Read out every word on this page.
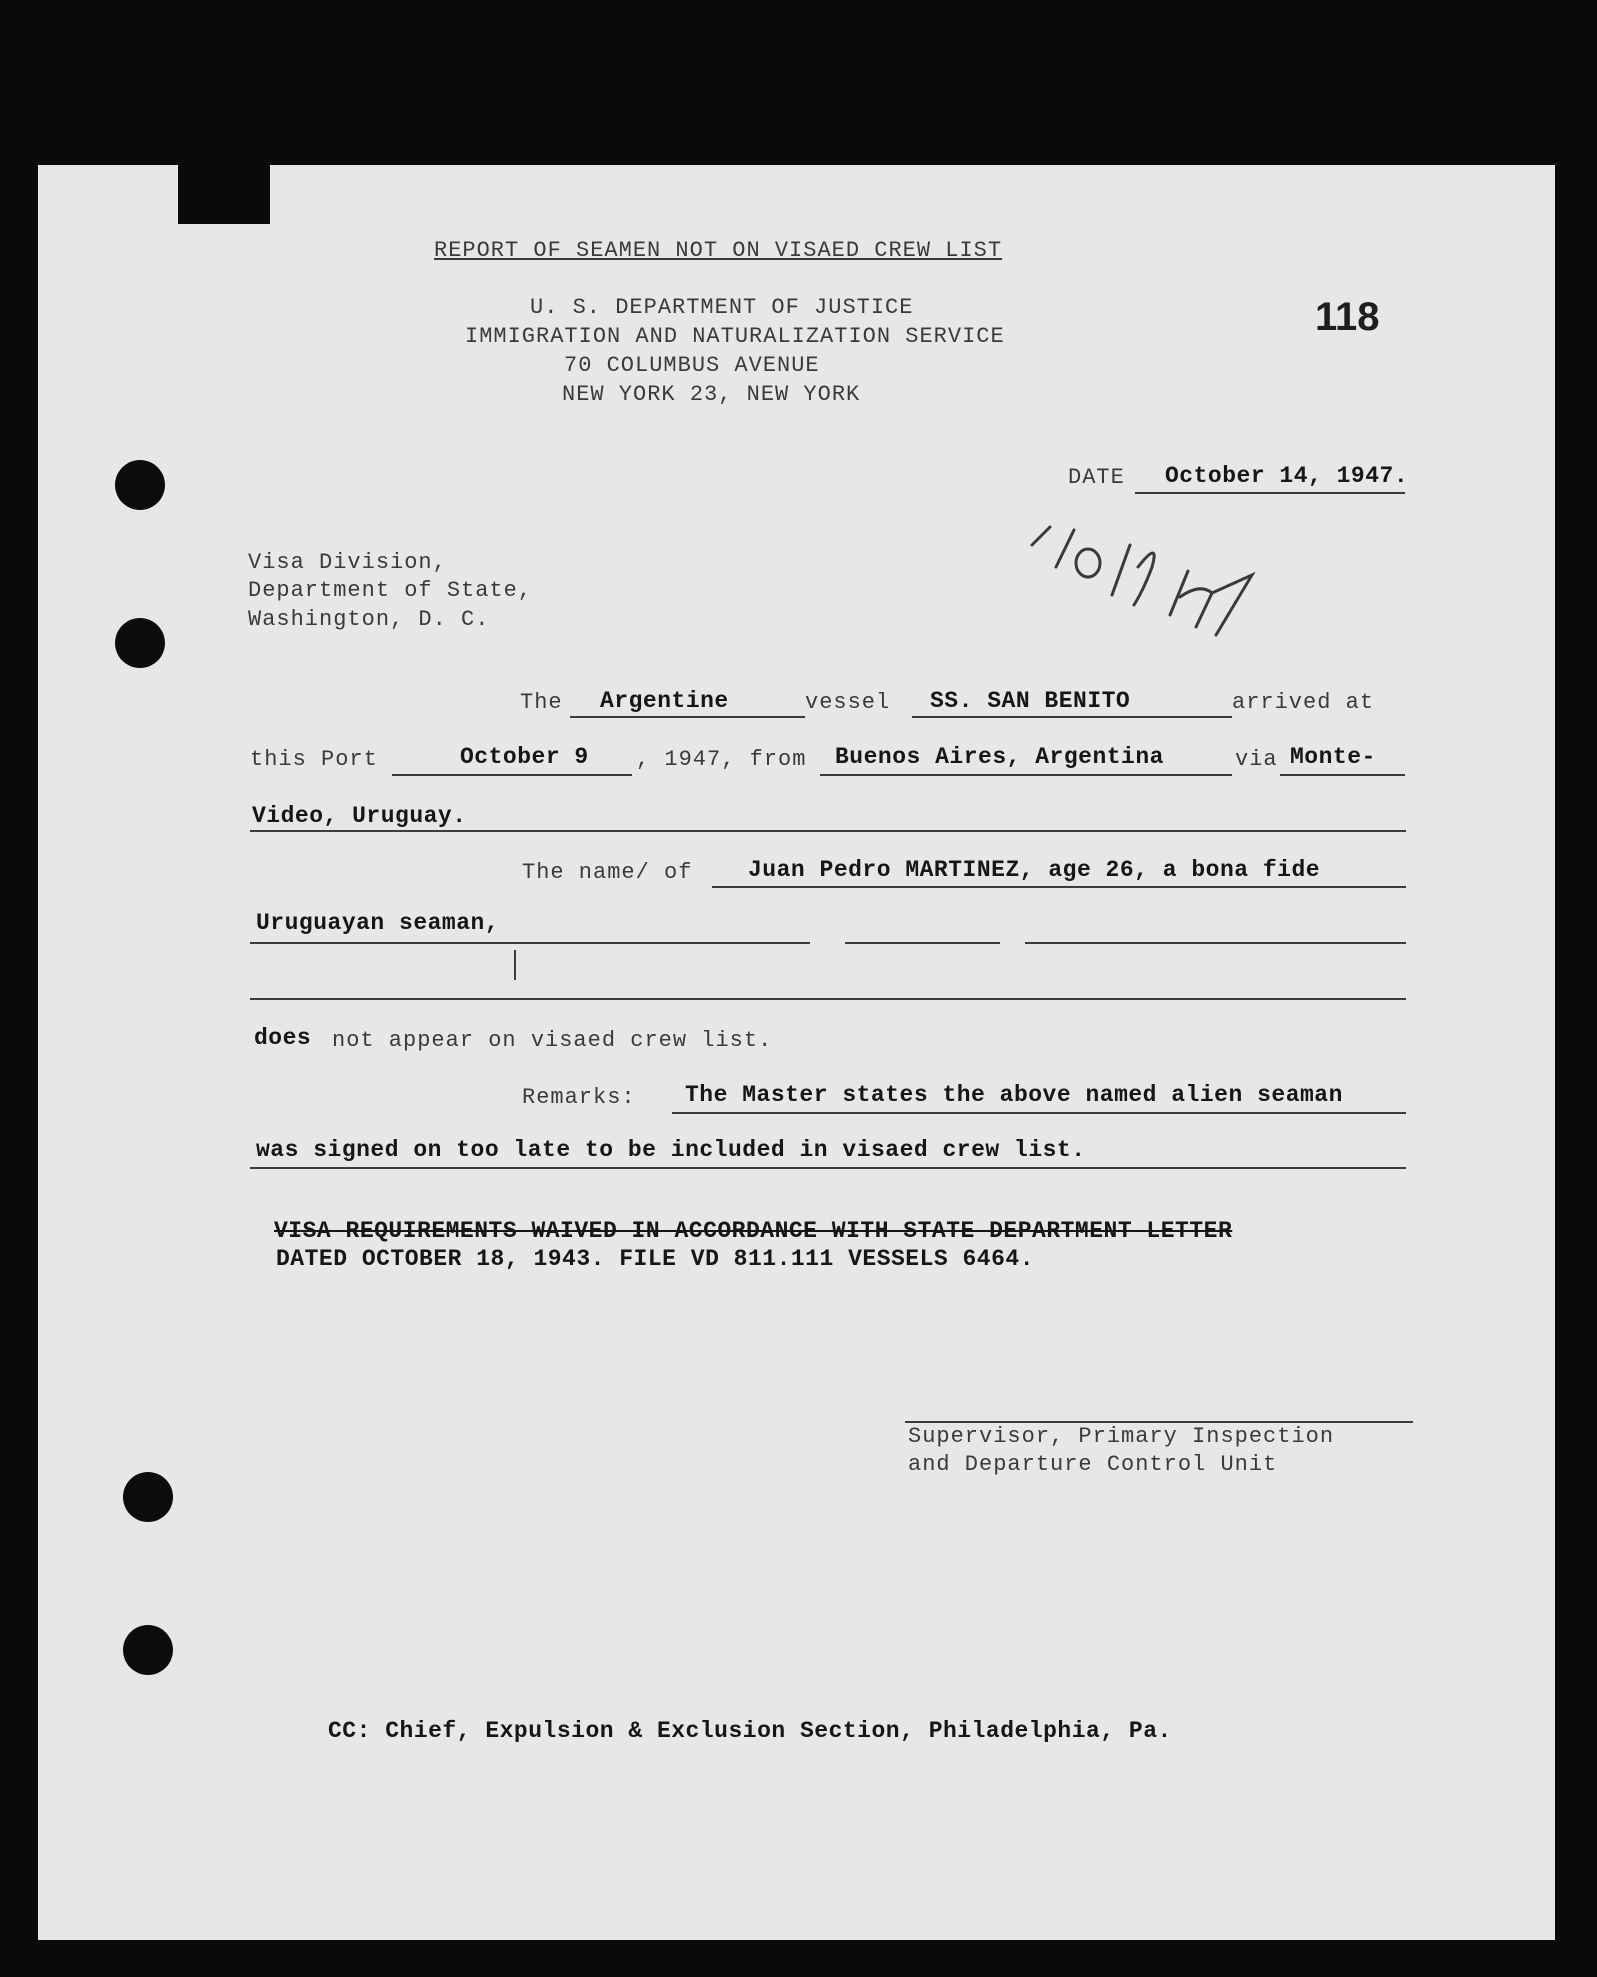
REPORT OF SEAMEN NOT ON VISAED CREW LIST
U. S. DEPARTMENT OF JUSTICE
IMMIGRATION AND NATURALIZATION SERVICE
70 COLUMBUS AVENUE
NEW YORK 23, NEW YORK
118
DATE October 14, 1947.
Visa Division,
Department of State,
Washington, D. C.
The Argentine	vessel SS. SAN BENITO	arrived at
this Port	October 9 , 1947, from Buenos Aires, Argentina	via Monte-
Video, Uruguay.
The name/ of Juan Pedro MARTINEZ, age 26, a bona fide
Uruguayan seaman,
does not appear on visaed crew list.
Remarks: The Master states the above named alien seaman
was signed on too late to be included in visaed crew list.
VISA REQUIREMENTS WAIVED IN ACCORDANCE WITH STATE DEPARTMENT LETTER
DATED OCTOBER 18, 1943. FILE VD 811.111 VESSELS 6464.
Supervisor, Primary Inspection
and Departure Control Unit
CC: Chief, Expulsion & Exclusion Section, Philadelphia, Pa.
